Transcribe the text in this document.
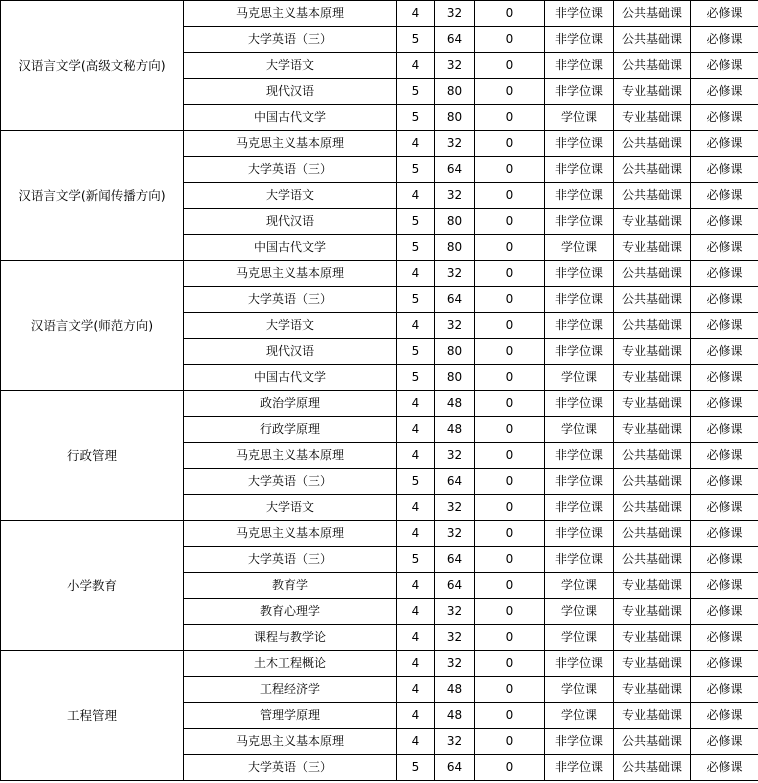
汉语言文学(高级文秘方向)	马克思主义基本原理	4	32	0	非学位课	公共基础课	必修课
	大学英语（三）	5	64	0	非学位课	公共基础课	必修课
	大学语文	4	32	0	非学位课	公共基础课	必修课
	现代汉语	5	80	0	非学位课	专业基础课	必修课
	中国古代文学	5	80	0	学位课	专业基础课	必修课
汉语言文学(新闻传播方向)	马克思主义基本原理	4	32	0	非学位课	公共基础课	必修课
	大学英语（三）	5	64	0	非学位课	公共基础课	必修课
	大学语文	4	32	0	非学位课	公共基础课	必修课
	现代汉语	5	80	0	非学位课	专业基础课	必修课
	中国古代文学	5	80	0	学位课	专业基础课	必修课
汉语言文学(师范方向)	马克思主义基本原理	4	32	0	非学位课	公共基础课	必修课
	大学英语（三）	5	64	0	非学位课	公共基础课	必修课
	大学语文	4	32	0	非学位课	公共基础课	必修课
	现代汉语	5	80	0	非学位课	专业基础课	必修课
	中国古代文学	5	80	0	学位课	专业基础课	必修课
行政管理	政治学原理	4	48	0	非学位课	专业基础课	必修课
	行政学原理	4	48	0	学位课	专业基础课	必修课
	马克思主义基本原理	4	32	0	非学位课	公共基础课	必修课
	大学英语（三）	5	64	0	非学位课	公共基础课	必修课
	大学语文	4	32	0	非学位课	公共基础课	必修课
小学教育	马克思主义基本原理	4	32	0	非学位课	公共基础课	必修课
	大学英语（三）	5	64	0	非学位课	公共基础课	必修课
	教育学	4	64	0	学位课	专业基础课	必修课
	教育心理学	4	32	0	学位课	专业基础课	必修课
	课程与教学论	4	32	0	学位课	专业基础课	必修课
工程管理	土木工程概论	4	32	0	非学位课	专业基础课	必修课
	工程经济学	4	48	0	学位课	专业基础课	必修课
	管理学原理	4	48	0	学位课	专业基础课	必修课
	马克思主义基本原理	4	32	0	非学位课	公共基础课	必修课
	大学英语（三）	5	64	0	非学位课	公共基础课	必修课
